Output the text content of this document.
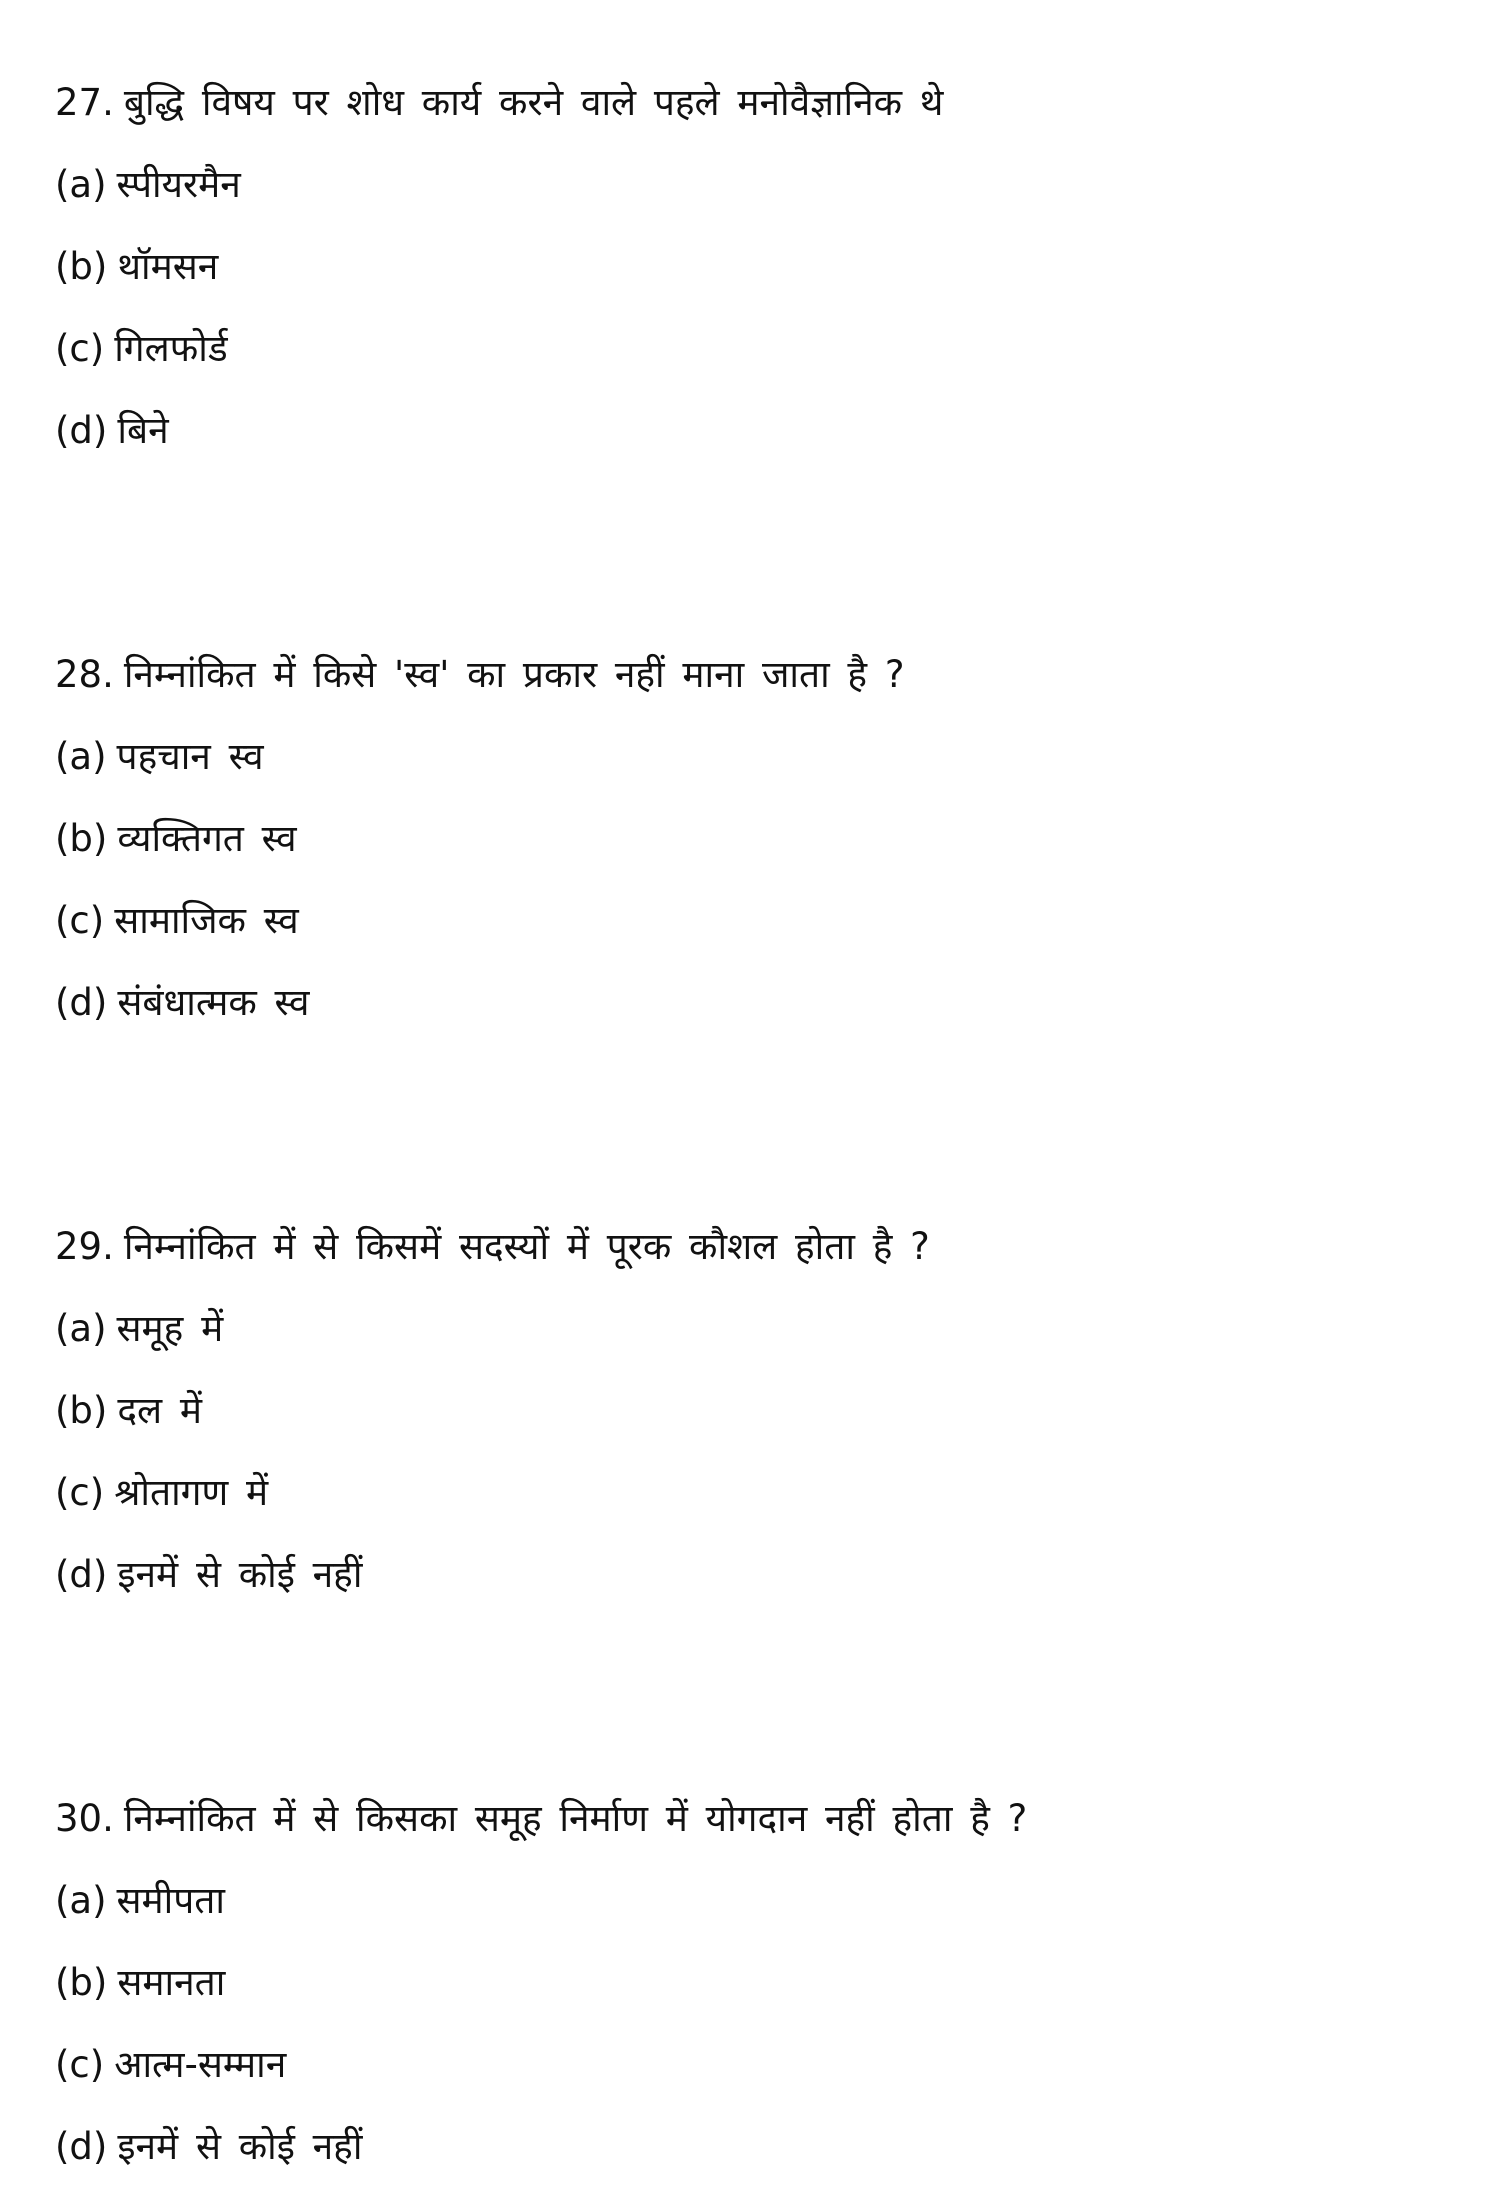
27. बुद्धि विषय पर शोध कार्य करने वाले पहले मनोवैज्ञानिक थे
(a) स्पीयरमैन
(b) थॉमसन
(c) गिलफोर्ड
(d) बिने
28. निम्नांकित में किसे 'स्व' का प्रकार नहीं माना जाता है ?
(a) पहचान स्व
(b) व्यक्तिगत स्व
(c) सामाजिक स्व
(d) संबंधात्मक स्व
29. निम्नांकित में से किसमें सदस्यों में पूरक कौशल होता है ?
(a) समूह में
(b) दल में
(c) श्रोतागण में
(d) इनमें से कोई नहीं
30. निम्नांकित में से किसका समूह निर्माण में योगदान नहीं होता है ?
(a) समीपता
(b) समानता
(c) आत्म-सम्मान
(d) इनमें से कोई नहीं
